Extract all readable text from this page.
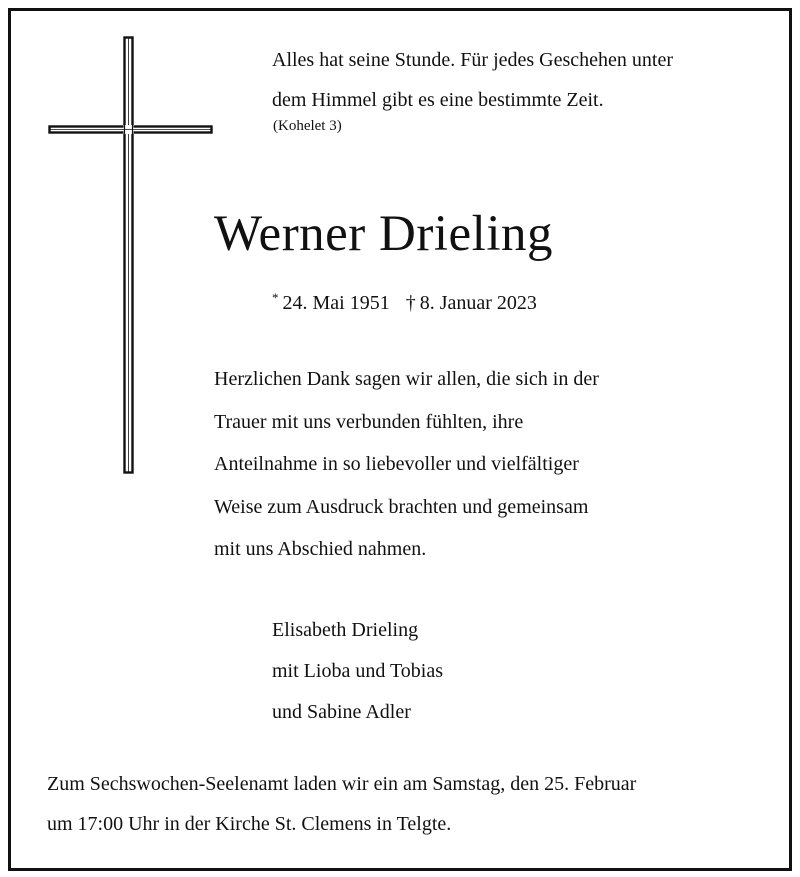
Alles hat seine Stunde. Für jedes Geschehen unter
dem Himmel gibt es eine bestimmte Zeit.
(Kohelet 3)
Werner Drieling
* 24. Mai 1951 † 8. Januar 2023
Herzlichen Dank sagen wir allen, die sich in der
Trauer mit uns verbunden fühlten, ihre
Anteilnahme in so liebevoller und vielfältiger
Weise zum Ausdruck brachten und gemeinsam
mit uns Abschied nahmen.
Elisabeth Drieling
mit Lioba und Tobias
und Sabine Adler
Zum Sechswochen-Seelenamt laden wir ein am Samstag, den 25. Februar
um 17:00 Uhr in der Kirche St. Clemens in Telgte.
